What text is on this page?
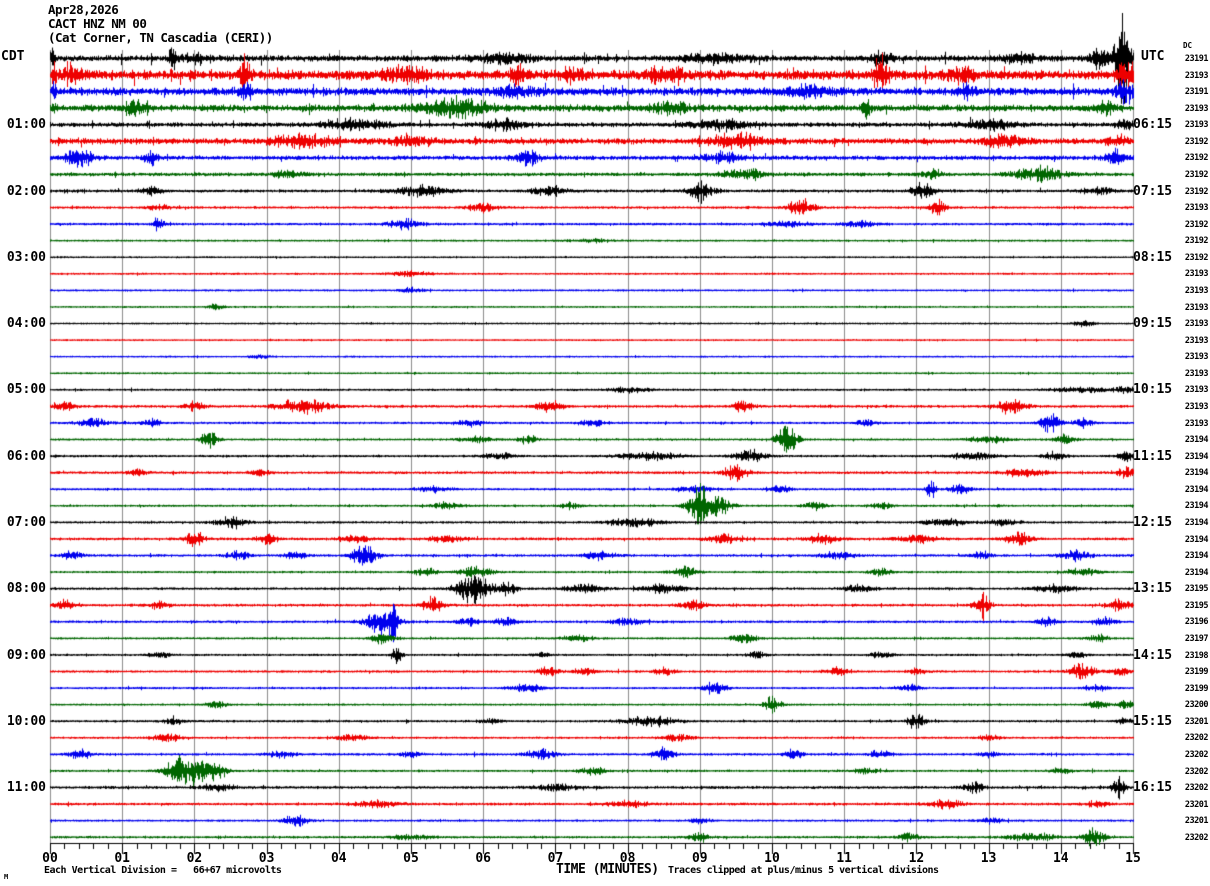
Apr28,2026
CACT HNZ NM 00
(Cat Corner, TN Cascadia (CERI))
CDT	UTC
DC
01:00
02:00
03:00
04:00
05:00
06:00
07:00
08:00
09:00
10:00
11:00
06:15
07:15
08:15
09:15
10:15
11:15
12:15
13:15
14:15
15:15
16:15
23191
23193
23191
23193
23193
23192
23192
23192
23192
23193
23192
23192
23192
23193
23193
23193
23193
23193
23193
23193
23193
23193
23193
23194
23194
23194
23194
23194
23194
23194
23194
23194
23195
23195
23196
23197
23198
23199
23199
23200
23201
23202
23202
23202
23202
23201
23201
23202
00	01	02	03	04	05	06	07	08	09	10	11	12	13	14	15
TIME (MINUTES)
Each Vertical Division =   66+67 microvolts	Traces clipped at plus/minus 5 vertical divisions
M
